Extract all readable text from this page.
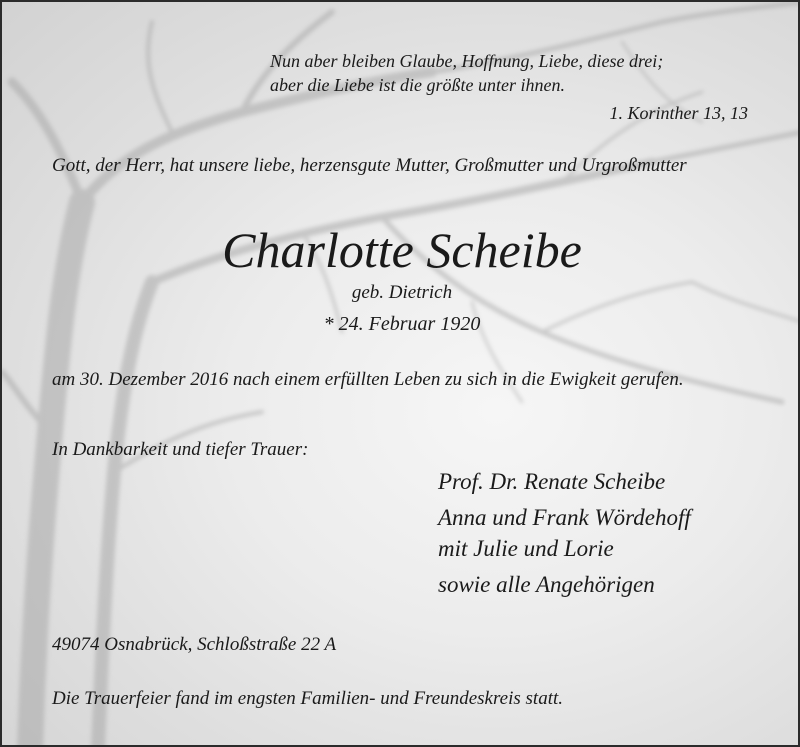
Nun aber bleiben Glaube, Hoffnung, Liebe, diese drei;
aber die Liebe ist die größte unter ihnen.

1. Korinther 13, 13

Gott, der Herr, hat unsere liebe, herzensgute Mutter, Großmutter und Urgroßmutter

Charlotte Scheibe

geb. Dietrich

* 24. Februar 1920

am 30. Dezember 2016 nach einem erfüllten Leben zu sich in die Ewigkeit gerufen.

In Dankbarkeit und tiefer Trauer:

Prof. Dr. Renate Scheibe
Anna und Frank Wördehoff
mit Julie und Lorie
sowie alle Angehörigen

49074 Osnabrück, Schloßstraße 22 A

Die Trauerfeier fand im engsten Familien- und Freundeskreis statt.
